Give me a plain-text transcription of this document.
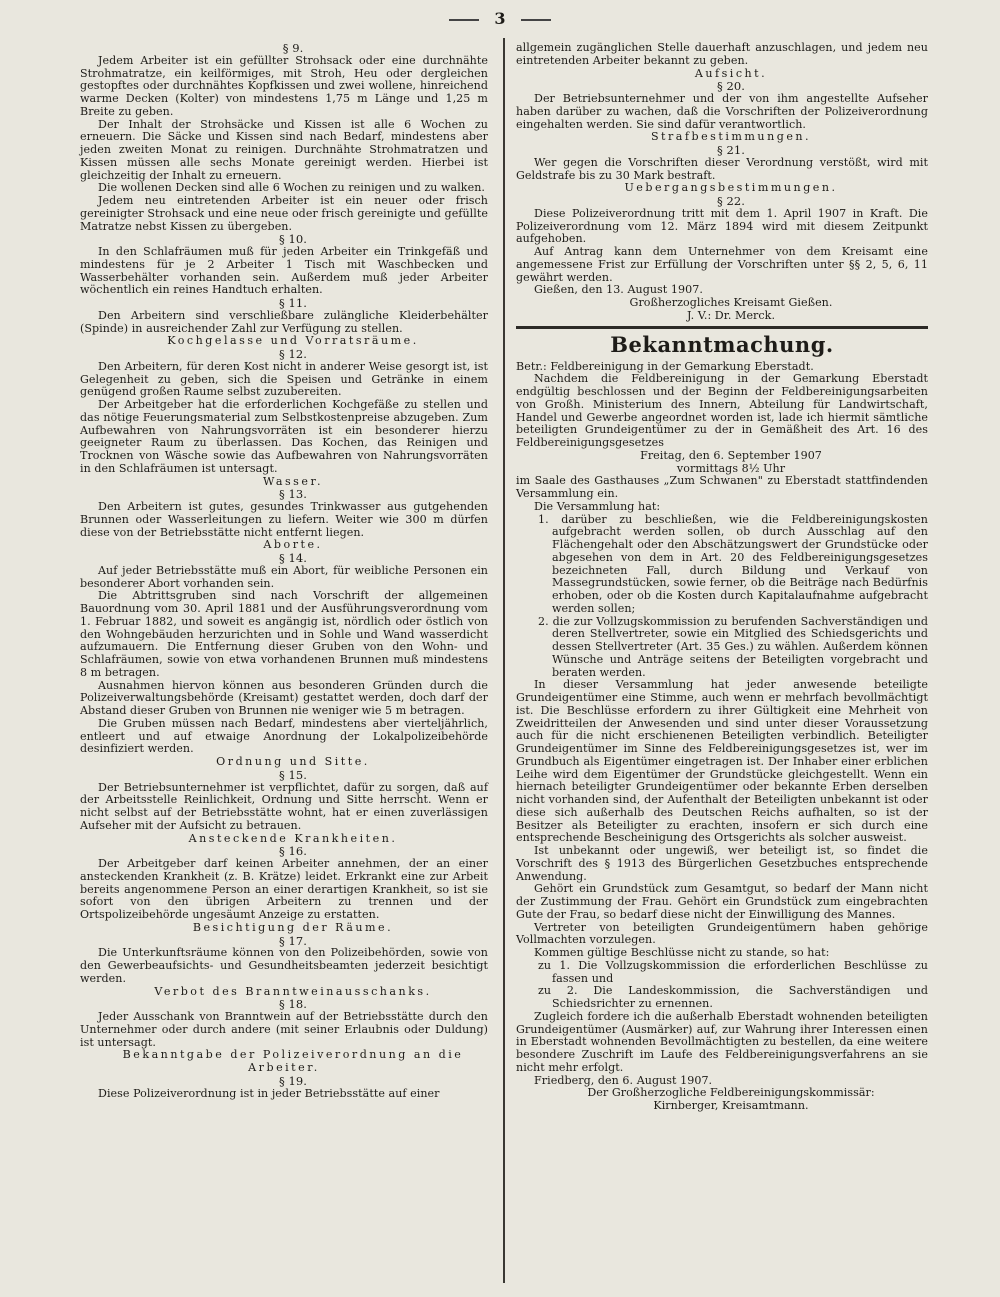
3

§ 9.

Jedem Arbeiter ist ein gefüllter Strohsack oder eine durchnähte Strohmatratze, ein keilförmiges, mit Stroh, Heu oder dergleichen gestopftes oder durchnähtes Kopfkissen und zwei wollene, hinreichend warme Decken (Kolter) von mindestens 1,75 m Länge und 1,25 m Breite zu geben.

Der Inhalt der Strohsäcke und Kissen ist alle 6 Wochen zu erneuern. Die Säcke und Kissen sind nach Bedarf, mindestens aber jeden zweiten Monat zu reinigen. Durchnähte Strohmatratzen und Kissen müssen alle sechs Monate gereinigt werden. Hierbei ist gleichzeitig der Inhalt zu erneuern.

Die wollenen Decken sind alle 6 Wochen zu reinigen und zu walken.

Jedem neu eintretenden Arbeiter ist ein neuer oder frisch gereinigter Strohsack und eine neue oder frisch gereinigte und gefüllte Matratze nebst Kissen zu übergeben.

§ 10.

In den Schlafräumen muß für jeden Arbeiter ein Trinkgefäß und mindestens für je 2 Arbeiter 1 Tisch mit Waschbecken und Wasserbehälter vorhanden sein. Außerdem muß jeder Arbeiter wöchentlich ein reines Handtuch erhalten.

§ 11.

Den Arbeitern sind verschließbare zulängliche Kleiderbehälter (Spinde) in ausreichender Zahl zur Verfügung zu stellen.

Kochgelasse und Vorratsräume.

§ 12.

Den Arbeitern, für deren Kost nicht in anderer Weise gesorgt ist, ist Gelegenheit zu geben, sich die Speisen und Getränke in einem genügend großen Raume selbst zuzubereiten.

Der Arbeitgeber hat die erforderlichen Kochgefäße zu stellen und das nötige Feuerungsmaterial zum Selbstkostenpreise abzugeben. Zum Aufbewahren von Nahrungsvorräten ist ein besonderer hierzu geeigneter Raum zu überlassen. Das Kochen, das Reinigen und Trocknen von Wäsche sowie das Aufbewahren von Nahrungsvorräten in den Schlafräumen ist untersagt.

Wasser.

§ 13.

Den Arbeitern ist gutes, gesundes Trinkwasser aus gutgehenden Brunnen oder Wasserleitungen zu liefern. Weiter wie 300 m dürfen diese von der Betriebsstätte nicht entfernt liegen.

Aborte.

§ 14.

Auf jeder Betriebsstätte muß ein Abort, für weibliche Personen ein besonderer Abort vorhanden sein.

Die Abtrittsgruben sind nach Vorschrift der allgemeinen Bauordnung vom 30. April 1881 und der Ausführungsverordnung vom 1. Februar 1882, und soweit es angängig ist, nördlich oder östlich von den Wohngebäuden herzurichten und in Sohle und Wand wasserdicht aufzumauern. Die Entfernung dieser Gruben von den Wohn- und Schlafräumen, sowie von etwa vorhandenen Brunnen muß mindestens 8 m betragen.

Ausnahmen hiervon können aus besonderen Gründen durch die Polizeiverwaltungsbehörde (Kreisamt) gestattet werden, doch darf der Abstand dieser Gruben von Brunnen nie weniger wie 5 m betragen.

Die Gruben müssen nach Bedarf, mindestens aber vierteljährlich, entleert und auf etwaige Anordnung der Lokalpolizeibehörde desinfiziert werden.

Ordnung und Sitte.

§ 15.

Der Betriebsunternehmer ist verpflichtet, dafür zu sorgen, daß auf der Arbeitsstelle Reinlichkeit, Ordnung und Sitte herrscht. Wenn er nicht selbst auf der Betriebsstätte wohnt, hat er einen zuverlässigen Aufseher mit der Aufsicht zu betrauen.

Ansteckende Krankheiten.

§ 16.

Der Arbeitgeber darf keinen Arbeiter annehmen, der an einer ansteckenden Krankheit (z. B. Krätze) leidet. Erkrankt eine zur Arbeit bereits angenommene Person an einer derartigen Krankheit, so ist sie sofort von den übrigen Arbeitern zu trennen und der Ortspolizeibehörde ungesäumt Anzeige zu erstatten.

Besichtigung der Räume.

§ 17.

Die Unterkunftsräume können von den Polizeibehörden, sowie von den Gewerbeaufsichts- und Gesundheitsbeamten jederzeit besichtigt werden.

Verbot des Branntweinausschanks.

§ 18.

Jeder Ausschank von Branntwein auf der Betriebsstätte durch den Unternehmer oder durch andere (mit seiner Erlaubnis oder Duldung) ist untersagt.

Bekanntgabe der Polizeiverordnung an die Arbeiter.

§ 19.

Diese Polizeiverordnung ist in jeder Betriebsstätte auf einer

allgemein zugänglichen Stelle dauerhaft anzuschlagen, und jedem neu eintretenden Arbeiter bekannt zu geben.

Aufsicht.

§ 20.

Der Betriebsunternehmer und der von ihm angestellte Aufseher haben darüber zu wachen, daß die Vorschriften der Polizeiverordnung eingehalten werden. Sie sind dafür verantwortlich.

Strafbestimmungen.

§ 21.

Wer gegen die Vorschriften dieser Verordnung verstößt, wird mit Geldstrafe bis zu 30 Mark bestraft.

Uebergangsbestimmungen.

§ 22.

Diese Polizeiverordnung tritt mit dem 1. April 1907 in Kraft. Die Polizeiverordnung vom 12. März 1894 wird mit diesem Zeitpunkt aufgehoben.

Auf Antrag kann dem Unternehmer von dem Kreisamt eine angemessene Frist zur Erfüllung der Vorschriften unter §§ 2, 5, 6, 11 gewährt werden.

Gießen, den 13. August 1907.

Großherzogliches Kreisamt Gießen.

J. V.: Dr. Merck.

Bekanntmachung.

Betr.: Feldbereinigung in der Gemarkung Eberstadt.

Nachdem die Feldbereinigung in der Gemarkung Eberstadt endgültig beschlossen und der Beginn der Feldbereinigungsarbeiten von Großh. Ministerium des Innern, Abteilung für Landwirtschaft, Handel und Gewerbe angeordnet worden ist, lade ich hiermit sämtliche beteiligten Grundeigentümer zu der in Gemäßheit des Art. 16 des Feldbereinigungsgesetzes

Freitag, den 6. September 1907

vormittags 8½ Uhr

im Saale des Gasthauses „Zum Schwanen" zu Eberstadt stattfindenden Versammlung ein.

Die Versammlung hat:

1. darüber zu beschließen, wie die Feldbereinigungskosten aufgebracht werden sollen, ob durch Ausschlag auf den Flächengehalt oder den Abschätzungswert der Grundstücke oder abgesehen von dem in Art. 20 des Feldbereinigungsgesetzes bezeichneten Fall, durch Bildung und Verkauf von Massegrundstücken, sowie ferner, ob die Beiträge nach Bedürfnis erhoben, oder ob die Kosten durch Kapitalaufnahme aufgebracht werden sollen;
2. die zur Vollzugskommission zu berufenden Sachverständigen und deren Stellvertreter, sowie ein Mitglied des Schiedsgerichts und dessen Stellvertreter (Art. 35 Ges.) zu wählen. Außerdem können Wünsche und Anträge seitens der Beteiligten vorgebracht und beraten werden.

In dieser Versammlung hat jeder anwesende beteiligte Grundeigentümer eine Stimme, auch wenn er mehrfach bevollmächtigt ist. Die Beschlüsse erfordern zu ihrer Gültigkeit eine Mehrheit von Zweidritteilen der Anwesenden und sind unter dieser Voraussetzung auch für die nicht erschienenen Beteiligten verbindlich. Beteiligter Grundeigentümer im Sinne des Feldbereinigungsgesetzes ist, wer im Grundbuch als Eigentümer eingetragen ist. Der Inhaber einer erblichen Leihe wird dem Eigentümer der Grundstücke gleichgestellt. Wenn ein hiernach beteiligter Grundeigentümer oder bekannte Erben derselben nicht vorhanden sind, der Aufenthalt der Beteiligten unbekannt ist oder diese sich außerhalb des Deutschen Reichs aufhalten, so ist der Besitzer als Beteiligter zu erachten, insofern er sich durch eine entsprechende Bescheinigung des Ortsgerichts als solcher ausweist.

Ist unbekannt oder ungewiß, wer beteiligt ist, so findet die Vorschrift des § 1913 des Bürgerlichen Gesetzbuches entsprechende Anwendung.

Gehört ein Grundstück zum Gesamtgut, so bedarf der Mann nicht der Zustimmung der Frau. Gehört ein Grundstück zum eingebrachten Gute der Frau, so bedarf diese nicht der Einwilligung des Mannes.

Vertreter von beteiligten Grundeigentümern haben gehörige Vollmachten vorzulegen.

Kommen gültige Beschlüsse nicht zu stande, so hat:

zu 1. Die Vollzugskommission die erforderlichen Beschlüsse zu fassen und
zu 2. Die Landeskommission, die Sachverständigen und Schiedsrichter zu ernennen.

Zugleich fordere ich die außerhalb Eberstadt wohnenden beteiligten Grundeigentümer (Ausmärker) auf, zur Wahrung ihrer Interessen einen in Eberstadt wohnenden Bevollmächtigten zu bestellen, da eine weitere besondere Zuschrift im Laufe des Feldbereinigungsverfahrens an sie nicht mehr erfolgt.

Friedberg, den 6. August 1907.

Der Großherzogliche Feldbereinigungskommissär:

Kirnberger, Kreisamtmann.
